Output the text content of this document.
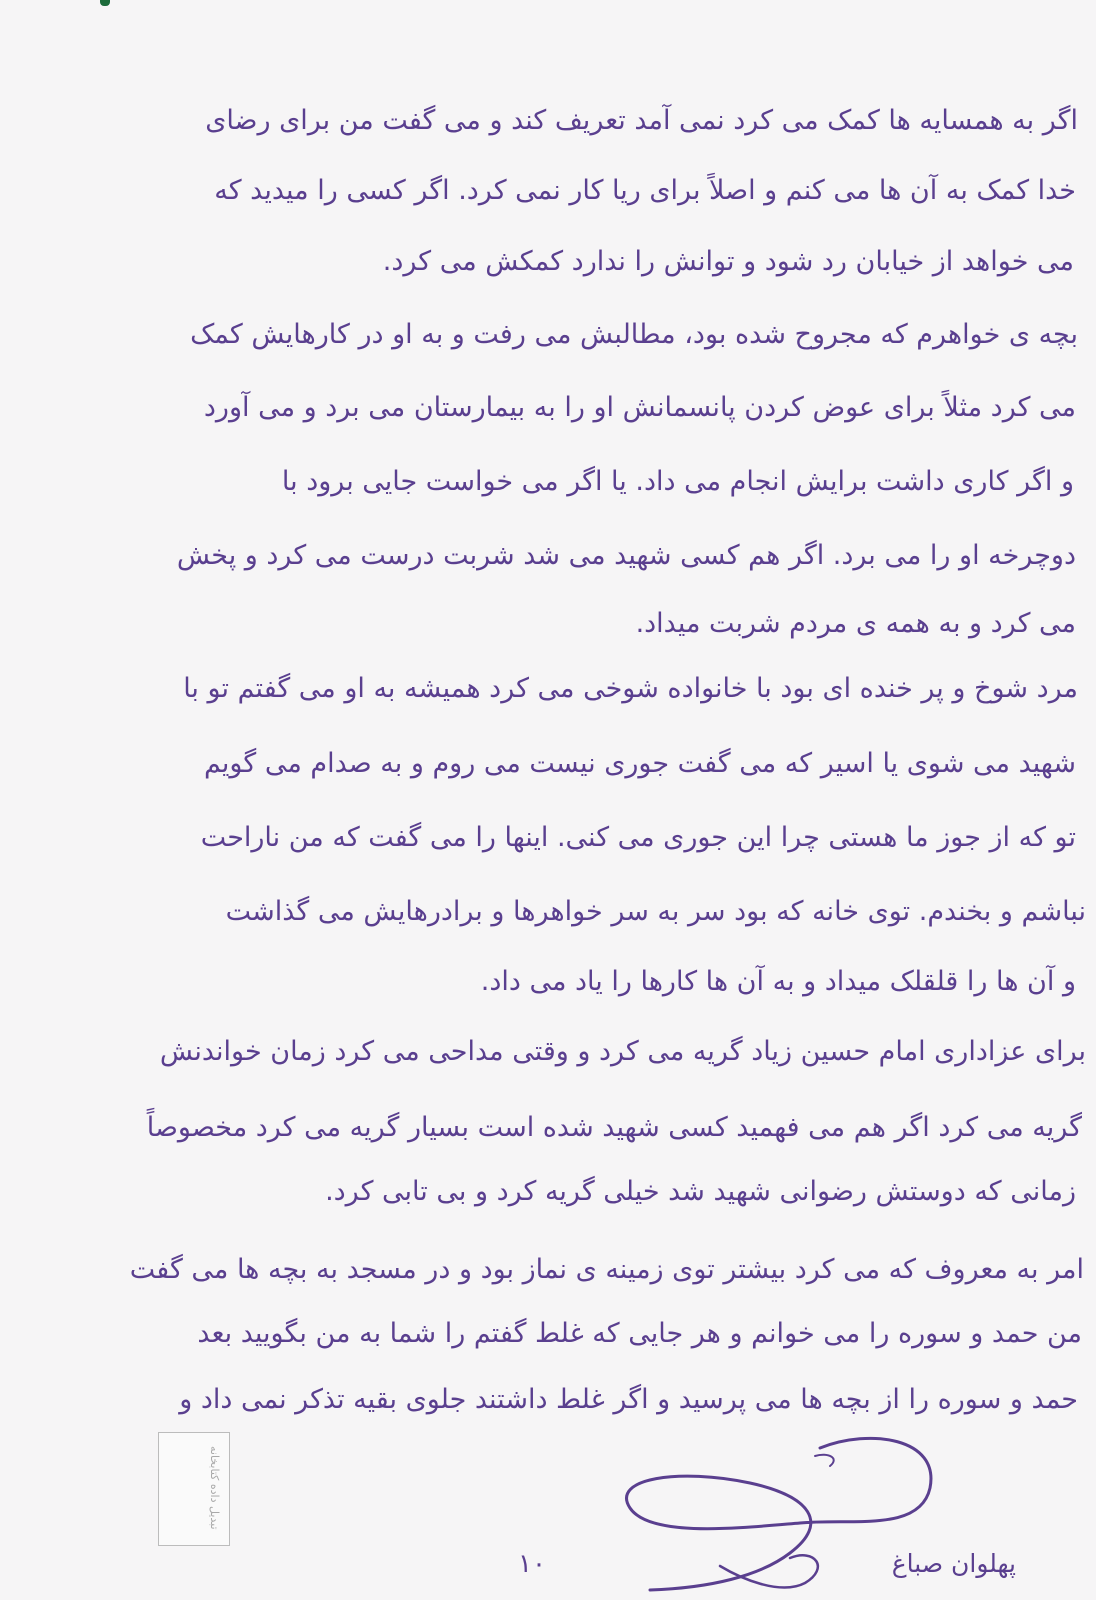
اگر به همسایه ها کمک می کرد نمی آمد تعریف کند و می گفت من برای رضای
خدا کمک به آن ها می کنم و اصلاً برای ریا کار نمی کرد. اگر کسی را میدید که
می خواهد از خیابان رد شود و توانش را ندارد کمکش می کرد.
بچه ی خواهرم که مجروح شده بود، مطالبش می رفت و به او در کارهایش کمک
می کرد مثلاً برای عوض کردن پانسمانش او را به بیمارستان می برد و می آورد
و اگر کاری داشت برایش انجام می داد. یا اگر می خواست جایی برود با
دوچرخه او را می برد. اگر هم کسی شهید می شد شربت درست می کرد و پخش
می کرد و به همه ی مردم شربت میداد.
مرد شوخ و پر خنده ای بود با خانواده شوخی می کرد همیشه به او می گفتم تو با
شهید می شوی یا اسیر که می گفت جوری نیست می روم و به صدام می گویم
تو که از جوز ما هستی چرا این جوری می کنی. اینها را می گفت که من ناراحت
نباشم و بخندم. توی خانه که بود سر به سر خواهرها و برادرهایش می گذاشت
و آن ها را قلقلک میداد و به آن ها کارها را یاد می داد.
برای عزاداری امام حسین زیاد گریه می کرد و وقتی مداحی می کرد زمان خواندنش
گریه می کرد اگر هم می فهمید کسی شهید شده است بسیار گریه می کرد مخصوصاً
زمانی که دوستش رضوانی شهید شد خیلی گریه کرد و بی تابی کرد.
امر به معروف که می کرد بیشتر توی زمینه ی نماز بود و در مسجد به بچه ها می گفت
من حمد و سوره را می خوانم و هر جایی که غلط گفتم را شما به من بگویید بعد
حمد و سوره را از بچه ها می پرسید و اگر غلط داشتند جلوی بقیه تذکر نمی داد و
تبدیل داده کتابخانه
۱۰	پهلوان صباغ
